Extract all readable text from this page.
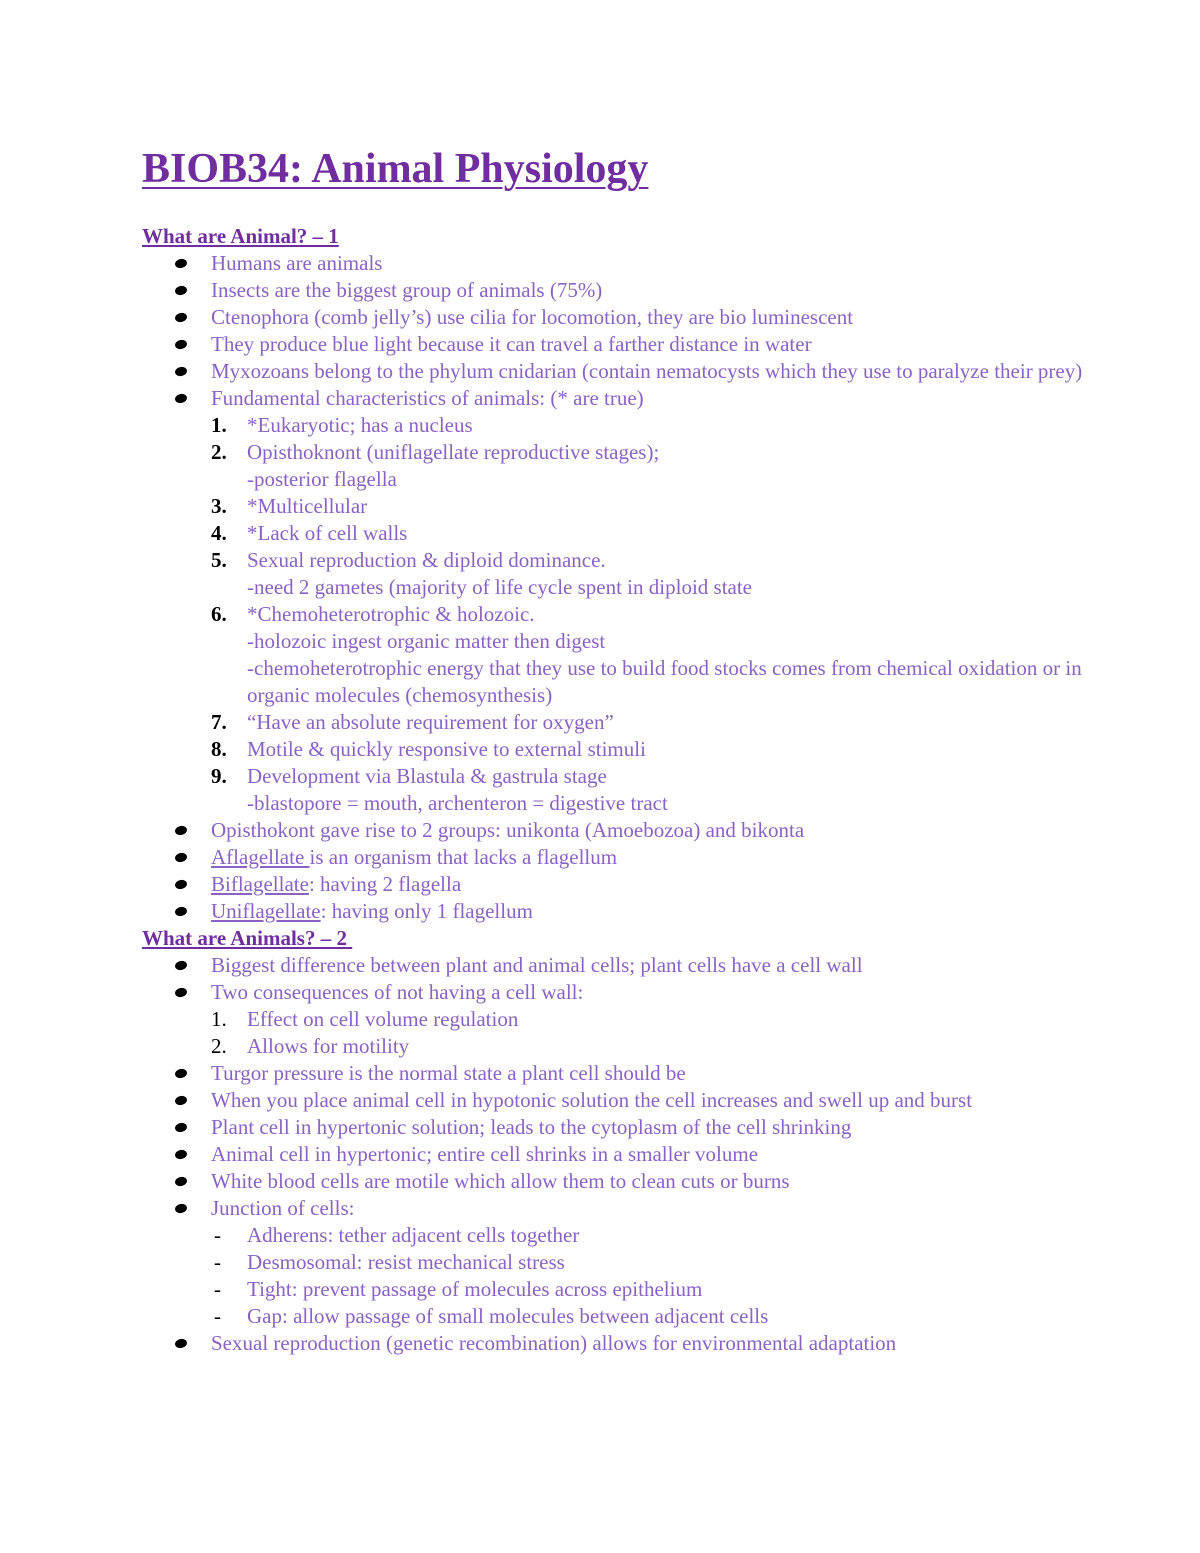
BIOB34: Animal Physiology
What are Animal? – 1
Humans are animals
Insects are the biggest group of animals (75%)
Ctenophora (comb jelly’s) use cilia for locomotion, they are bio luminescent
They produce blue light because it can travel a farther distance in water
Myxozoans belong to the phylum cnidarian (contain nematocysts which they use to paralyze their prey)
Fundamental characteristics of animals: (* are true)
1. *Eukaryotic; has a nucleus
2. Opisthoknont (uniflagellate reproductive stages);
-posterior flagella
3. *Multicellular
4. *Lack of cell walls
5. Sexual reproduction & diploid dominance.
-need 2 gametes (majority of life cycle spent in diploid state
6. *Chemoheterotrophic & holozoic.
-holozoic ingest organic matter then digest
-chemoheterotrophic energy that they use to build food stocks comes from chemical oxidation or in organic molecules (chemosynthesis)
7. “Have an absolute requirement for oxygen”
8. Motile & quickly responsive to external stimuli
9. Development via Blastula & gastrula stage
-blastopore = mouth, archenteron = digestive tract
Opisthokont gave rise to 2 groups: unikonta (Amoebozoa) and bikonta
Aflagellate is an organism that lacks a flagellum
Biflagellate: having 2 flagella
Uniflagellate: having only 1 flagellum
What are Animals? – 2
Biggest difference between plant and animal cells; plant cells have a cell wall
Two consequences of not having a cell wall:
1. Effect on cell volume regulation
2. Allows for motility
Turgor pressure is the normal state a plant cell should be
When you place animal cell in hypotonic solution the cell increases and swell up and burst
Plant cell in hypertonic solution; leads to the cytoplasm of the cell shrinking
Animal cell in hypertonic; entire cell shrinks in a smaller volume
White blood cells are motile which allow them to clean cuts or burns
Junction of cells:
- Adherens: tether adjacent cells together
- Desmosomal: resist mechanical stress
- Tight: prevent passage of molecules across epithelium
- Gap: allow passage of small molecules between adjacent cells
Sexual reproduction (genetic recombination) allows for environmental adaptation
